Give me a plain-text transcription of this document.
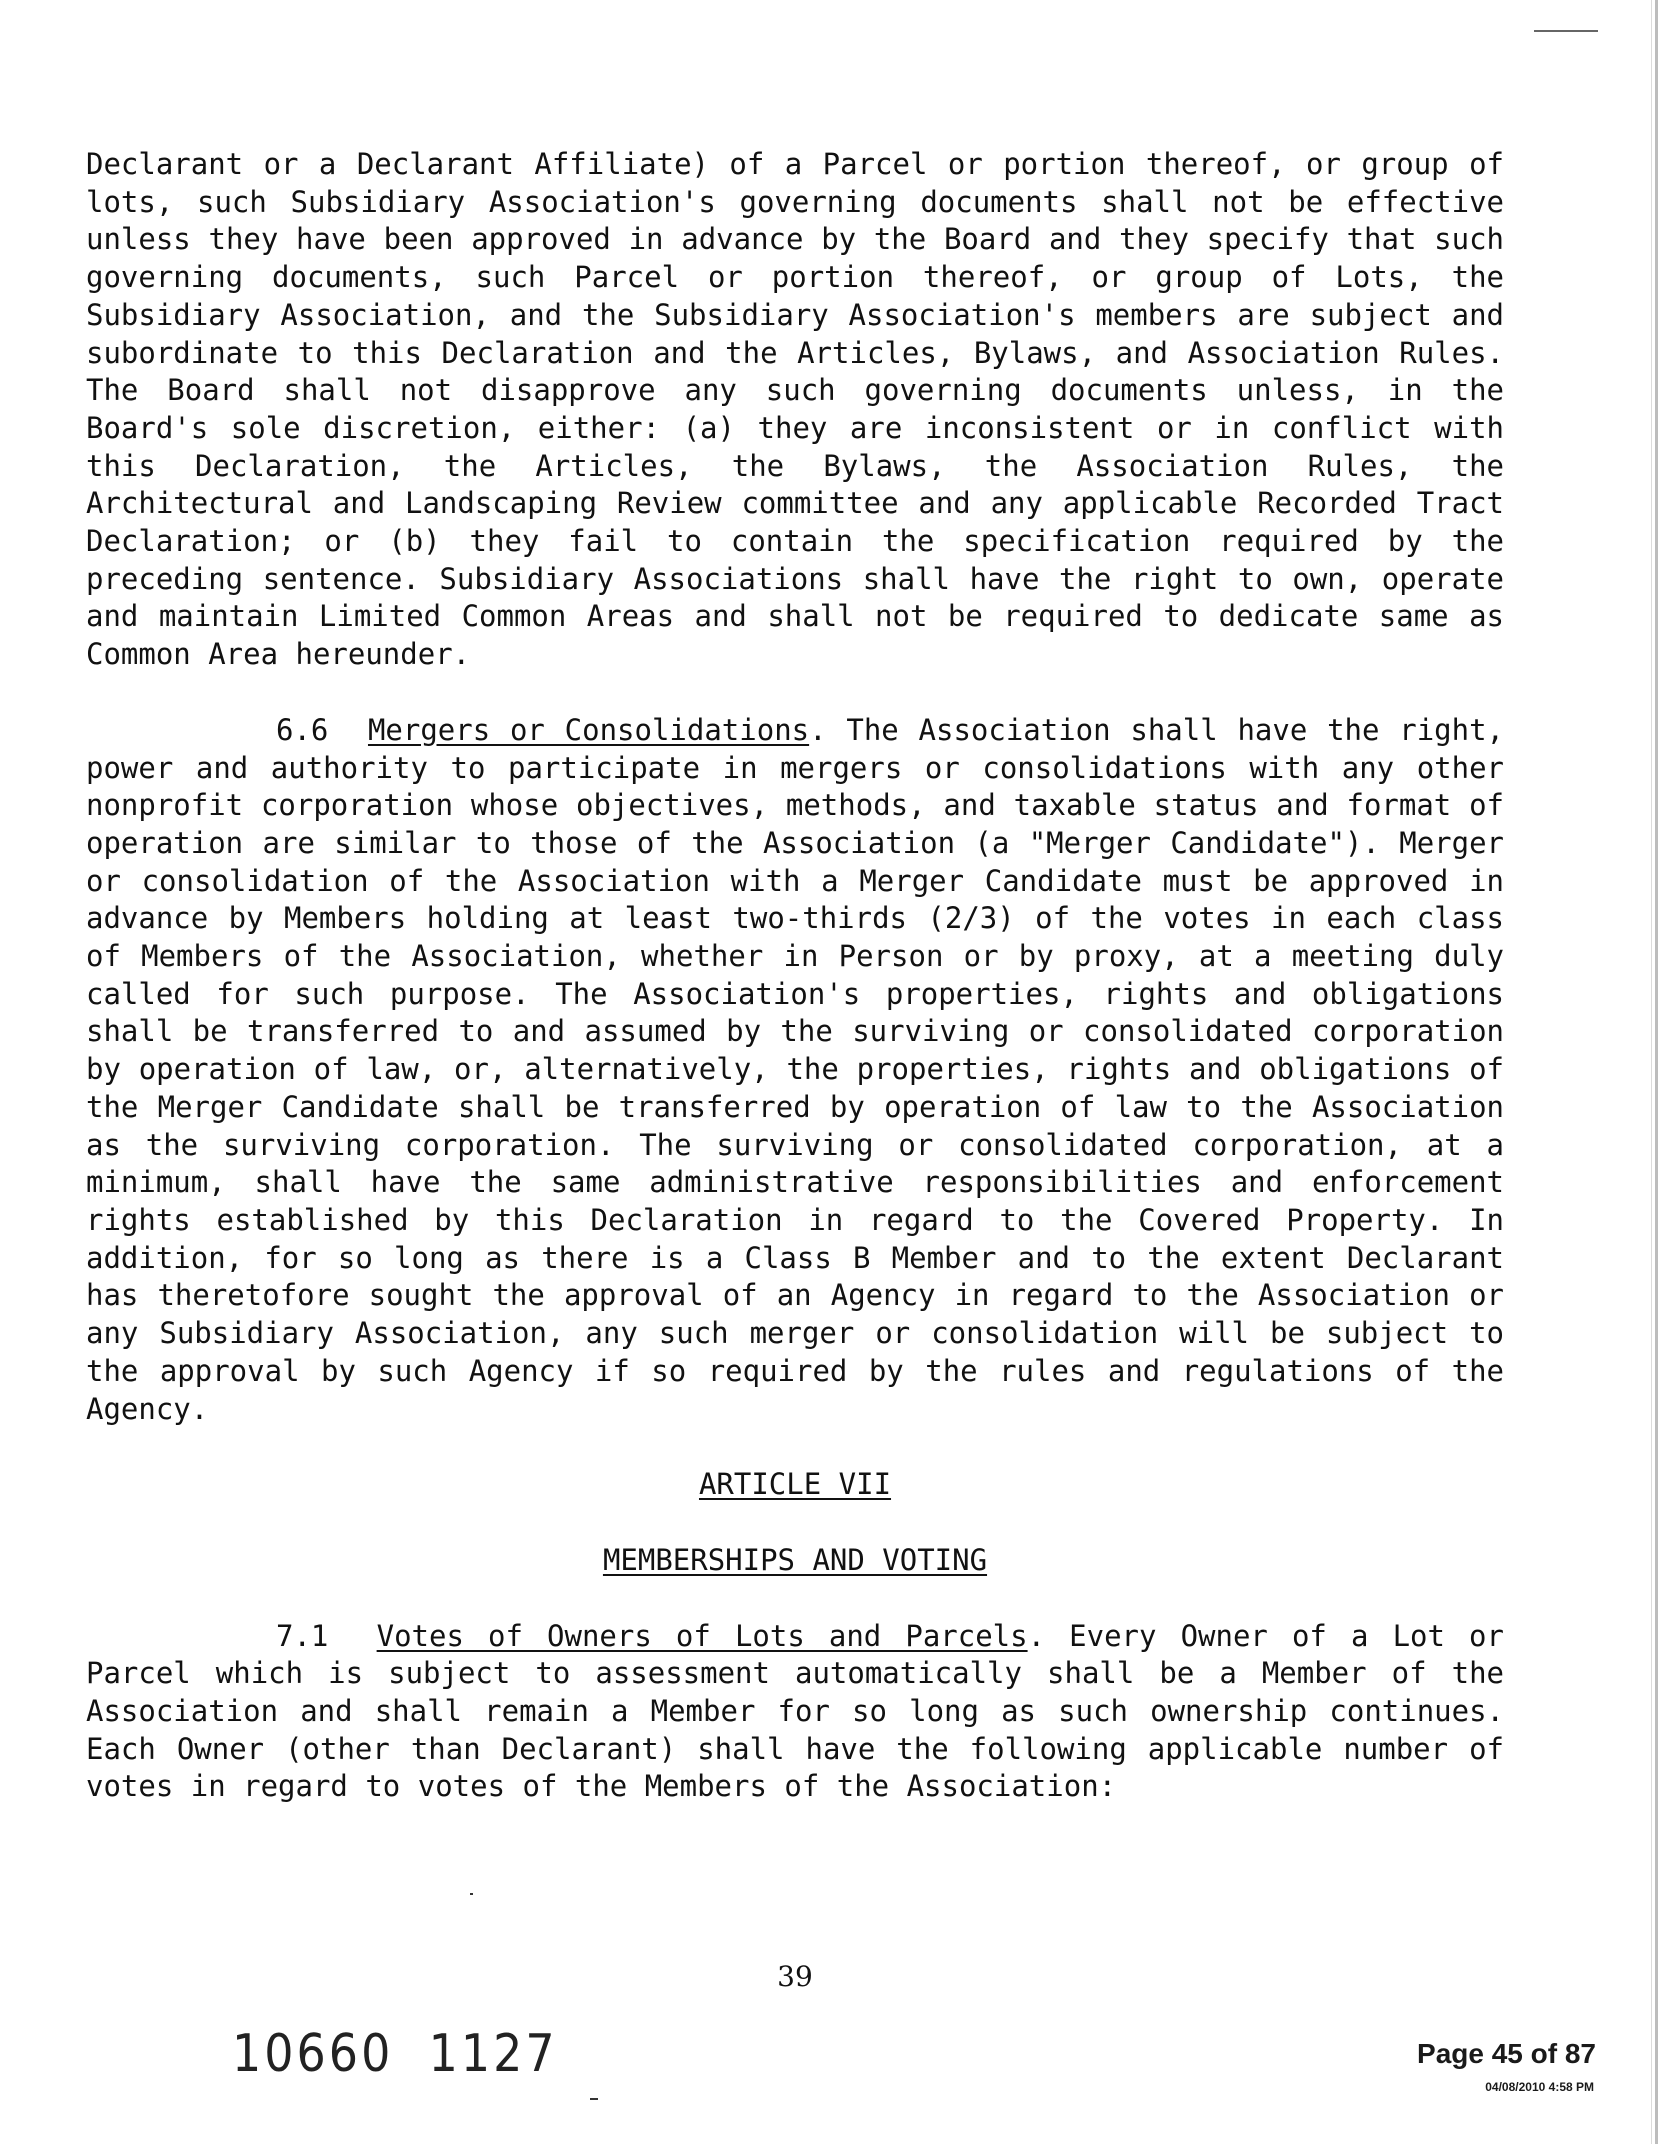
Declarant or a Declarant Affiliate) of a Parcel or portion thereof, or group of lots, such Subsidiary Association's governing documents shall not be effective unless they have been approved in advance by the Board and they specify that such governing documents, such Parcel or portion thereof, or group of Lots, the Subsidiary Association, and the Subsidiary Association's members are subject and subordinate to this Declaration and the Articles, Bylaws, and Association Rules. The Board shall not disapprove any such governing documents unless, in the Board's sole discretion, either: (a) they are inconsistent or in conflict with this Declaration, the Articles, the Bylaws, the Association Rules, the Architectural and Landscaping Review committee and any applicable Recorded Tract Declaration; or (b) they fail to contain the specification required by the preceding sentence. Subsidiary Associations shall have the right to own, operate and maintain Limited Common Areas and shall not be required to dedicate same as Common Area hereunder.

6.6 Mergers or Consolidations. The Association shall have the right, power and authority to participate in mergers or consolidations with any other nonprofit corporation whose objectives, methods, and taxable status and format of operation are similar to those of the Association (a "Merger Candidate"). Merger or consolidation of the Association with a Merger Candidate must be approved in advance by Members holding at least two-thirds (2/3) of the votes in each class of Members of the Association, whether in Person or by proxy, at a meeting duly called for such purpose. The Association's properties, rights and obligations shall be transferred to and assumed by the surviving or consolidated corporation by operation of law, or, alternatively, the properties, rights and obligations of the Merger Candidate shall be transferred by operation of law to the Association as the surviving corporation. The surviving or consolidated corporation, at a minimum, shall have the same administrative responsibilities and enforcement rights established by this Declaration in regard to the Covered Property. In addition, for so long as there is a Class B Member and to the extent Declarant has theretofore sought the approval of an Agency in regard to the Association or any Subsidiary Association, any such merger or consolidation will be subject to the approval by such Agency if so required by the rules and regulations of the Agency.

ARTICLE VII

MEMBERSHIPS AND VOTING

7.1 Votes of Owners of Lots and Parcels. Every Owner of a Lot or Parcel which is subject to assessment automatically shall be a Member of the Association and shall remain a Member for so long as such ownership continues. Each Owner (other than Declarant) shall have the following applicable number of votes in regard to votes of the Members of the Association:

39
10660  1127	Page 45 of 87
04/08/2010 4:58 PM
